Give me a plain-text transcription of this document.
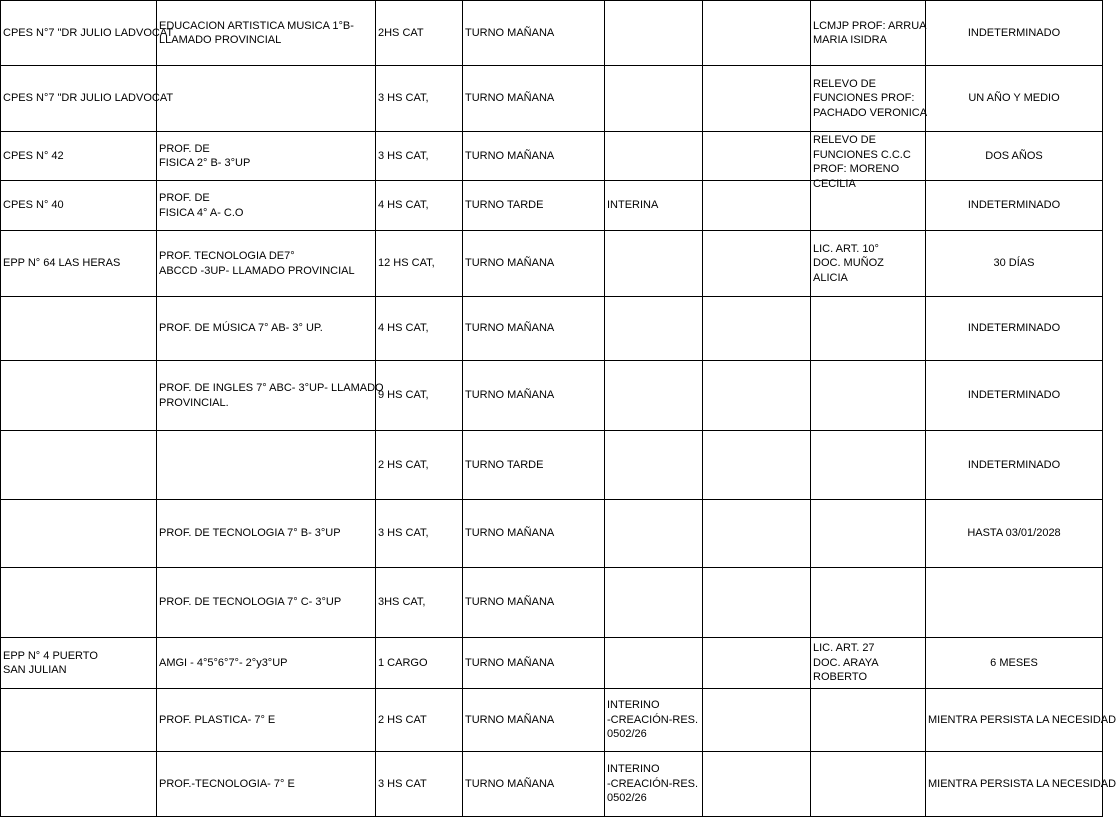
CPES N°7 "DR JULIO LADVOCAT	EDUCACION ARTISTICA MUSICA 1°B-
LLAMADO PROVINCIAL	2HS CAT	TURNO MAÑANA			LCMJP PROF: ARRUA
MARIA ISIDRA	INDETERMINADO
CPES N°7 "DR JULIO LADVOCAT		3 HS CAT,	TURNO MAÑANA			RELEVO DE
FUNCIONES PROF:
PACHADO VERONICA	UN AÑO Y MEDIO
CPES N° 42	PROF. DE
FISICA 2° B- 3°UP	3 HS CAT,	TURNO MAÑANA			RELEVO DE
FUNCIONES C.C.C
PROF: MORENO
CECILIA	DOS AÑOS
CPES N° 40	PROF. DE
FISICA 4° A- C.O	4 HS CAT,	TURNO TARDE	INTERINA			INDETERMINADO
EPP N° 64 LAS HERAS	PROF. TECNOLOGIA DE7°
ABCCD -3UP- LLAMADO PROVINCIAL	12 HS CAT,	TURNO MAÑANA			LIC. ART. 10°
DOC. MUÑOZ
ALICIA	30 DÍAS

	PROF. DE MÚSICA 7° AB- 3° UP.	4 HS CAT,	TURNO MAÑANA				INDETERMINADO

	PROF. DE INGLES 7° ABC- 3°UP- LLAMADO
PROVINCIAL.	9 HS CAT,	TURNO MAÑANA				INDETERMINADO

	2 HS CAT,	TURNO TARDE				INDETERMINADO

	PROF. DE TECNOLOGIA 7° B- 3°UP	3 HS CAT,	TURNO MAÑANA				HASTA 03/01/2028

	PROF. DE TECNOLOGIA 7° C- 3°UP	3HS CAT,	TURNO MAÑANA	

EPP N° 4 PUERTO
SAN JULIAN	AMGI - 4°5°6°7°- 2°y3°UP	1 CARGO	TURNO MAÑANA			LIC. ART. 27
DOC. ARAYA
ROBERTO	6 MESES

	PROF. PLASTICA- 7° E	2 HS CAT	TURNO MAÑANA	INTERINO
-CREACIÓN-RES.
0502/26			MIENTRA PERSISTA LA NECESIDAD

	PROF.-TECNOLOGIA- 7° E	3 HS CAT	TURNO MAÑANA	INTERINO
-CREACIÓN-RES.
0502/26			MIENTRA PERSISTA LA NECESIDAD
